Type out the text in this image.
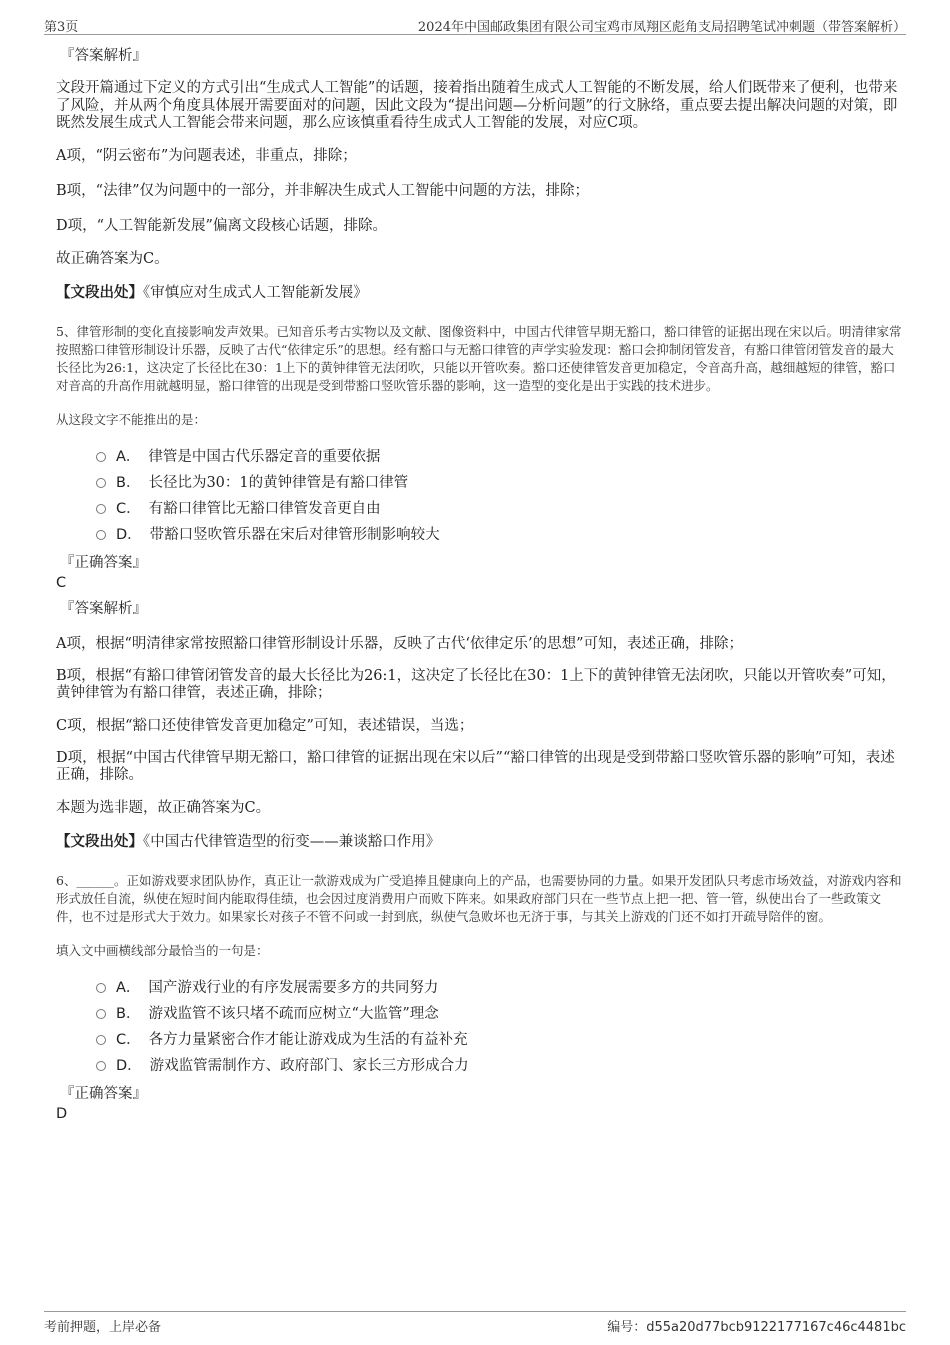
第3页	2024年中国邮政集团有限公司宝鸡市凤翔区彪角支局招聘笔试冲刺题（带答案解析）
『答案解析』

文段开篇通过下定义的方式引出“生成式人工智能”的话题，接着指出随着生成式人工智能的不断发展，给人们既带来了便利，也带来了风险，并从两个角度具体展开需要面对的问题，因此文段为“提出问题—分析问题”的行文脉络，重点要去提出解决问题的对策，即既然发展生成式人工智能会带来问题，那么应该慎重看待生成式人工智能的发展，对应C项。

A项，“阴云密布”为问题表述，非重点，排除；

B项，“法律”仅为问题中的一部分，并非解决生成式人工智能中问题的方法，排除；

D项，“人工智能新发展”偏离文段核心话题，排除。

故正确答案为C。

【文段出处】《审慎应对生成式人工智能新发展》

5、律管形制的变化直接影响发声效果。已知音乐考古实物以及文献、图像资料中，中国古代律管早期无豁口，豁口律管的证据出现在宋以后。明清律家常按照豁口律管形制设计乐器，反映了古代“依律定乐”的思想。经有豁口与无豁口律管的声学实验发现：豁口会抑制闭管发音，有豁口律管闭管发音的最大长径比为26:1，这决定了长径比在30：1上下的黄钟律管无法闭吹，只能以开管吹奏。豁口还使律管发音更加稳定，令音高升高，越细越短的律管，豁口对音高的升高作用就越明显，豁口律管的出现是受到带豁口竖吹管乐器的影响，这一造型的变化是出于实践的技术进步。

从这段文字不能推出的是：

A． 律管是中国古代乐器定音的重要依据
B． 长径比为30：1的黄钟律管是有豁口律管
C． 有豁口律管比无豁口律管发音更自由
D． 带豁口竖吹管乐器在宋后对律管形制影响较大
『正确答案』
C
『答案解析』

A项，根据“明清律家常按照豁口律管形制设计乐器，反映了古代‘依律定乐’的思想”可知，表述正确，排除；

B项，根据“有豁口律管闭管发音的最大长径比为26:1，这决定了长径比在30：1上下的黄钟律管无法闭吹，只能以开管吹奏”可知，黄钟律管为有豁口律管，表述正确，排除；

C项，根据“豁口还使律管发音更加稳定”可知，表述错误，当选；

D项，根据“中国古代律管早期无豁口，豁口律管的证据出现在宋以后”“豁口律管的出现是受到带豁口竖吹管乐器的影响”可知，表述正确，排除。

本题为选非题，故正确答案为C。

【文段出处】《中国古代律管造型的衍变——兼谈豁口作用》

6、______。正如游戏要求团队协作，真正让一款游戏成为广受追捧且健康向上的产品，也需要协同的力量。如果开发团队只考虑市场效益，对游戏内容和形式放任自流，纵使在短时间内能取得佳绩，也会因过度消费用户而败下阵来。如果政府部门只在一些节点上把一把、管一管，纵使出台了一些政策文件，也不过是形式大于效力。如果家长对孩子不管不问或一封到底，纵使气急败坏也无济于事，与其关上游戏的门还不如打开疏导陪伴的窗。

填入文中画横线部分最恰当的一句是：

A． 国产游戏行业的有序发展需要多方的共同努力
B． 游戏监管不该只堵不疏而应树立“大监管”理念
C． 各方力量紧密合作才能让游戏成为生活的有益补充
D． 游戏监管需制作方、政府部门、家长三方形成合力
『正确答案』
D
考前押题，上岸必备	编号：d55a20d77bcb9122177167c46c4481bc
